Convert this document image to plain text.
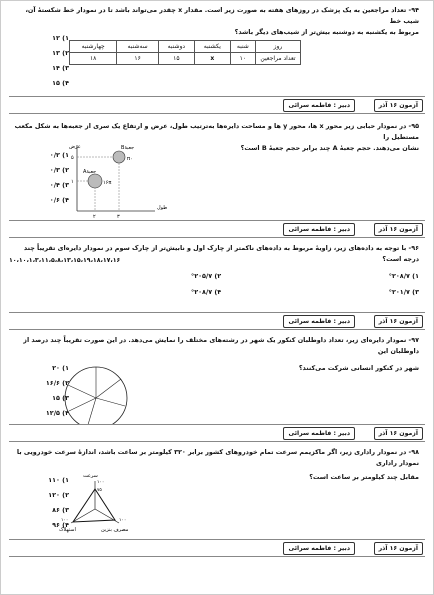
۹۴- تعداد مراجعین به یک پزشک در روزهای هفته به صورت زیر است. مقدار x چقدر می‌تواند باشد تا در نمودار خط شکستهٔ آن، شیب خط
مربوط به یکشنبه به دوشنبه بیش‌تر از شیب‌های دیگر باشد؟
روز	شنبه	یکشنبه	دوشنبه	سه‌شنبه	چهارشنبه
تعداد مراجعین	۱۰	x	۱۵	۱۶	۱۸
۱) ۱۲
۲) ۱۳
۳) ۱۴
۴) ۱۵
آزمون ۱۶ آذر
دبیر : فاطمه سرائی
۹۵- در نمودار حبابی زیر محور x ها، محور y ها و مساحت دایره‌ها به‌ترتیب طول، عرض و ارتفاع یک سری از جعبه‌ها به شکل مکعب مستطیل را
نشان می‌دهند. حجم جعبهٔ A چند برابر حجم جعبهٔ B است؟
عرض
طول
Bجعبهٔ
π۰
Aجعبهٔ
۱۶π
۵
۱
۲	۳
۱) ۰/۲
۲) ۰/۳
۳) ۰/۴
۴) ۰/۶
آزمون ۱۶ آذر
دبیر : فاطمه سرائی
۹۶- با توجه به داده‌های زیر، زاویهٔ مربوط به داده‌های ناکمتر از چارک اول و نابیش‌تر از چارک سوم در نمودار دایره‌ای تقریباً چند درجه است؟
۱۰،۱۰،۱،۳،۱۱،۵،۸،۱۳،۱۵،۱۹،۱۸،۱۷،۱۶
۱) °۲۰۸/۷
۲) °۲۰۵/۷
۳) °۲۰۱/۷
۴) °۲۰۸/۷
آزمون ۱۶ آذر
دبیر : فاطمه سرائی
۹۷- نمودار دایره‌ای زیر، تعداد داوطلبان کنکور یک شهر در رشته‌های مختلف را نمایش می‌دهد. در این صورت تقریباً چند درصد از داوطلبان این
شهر در کنکور انسانی شرکت می‌کنند؟
۱) ۲۰
۲) ۱۶/۶
۳) ۱۵
۴) ۱۲/۵
آزمون ۱۶ آذر
دبیر : فاطمه سرائی
۹۸- در نمودار راداری زیر، اگر ماکزیمم سرعت تمام خودروهای کشور برابر ۳۲۰ کیلومتر بر ساعت باشد، اندازهٔ سرعت خودرویی با نمودار راداری
مقابل چند کیلومتر بر ساعت است؟
سرعت
۱۰۰
۷۵
۱۰۰	۱۰۰
استهلاک	مصرف بنزین
۱) ۱۱۰
۲) ۱۲۰
۳) ۸۶
۴) ۹۶
آزمون ۱۶ آذر
دبیر : فاطمه سرائی
